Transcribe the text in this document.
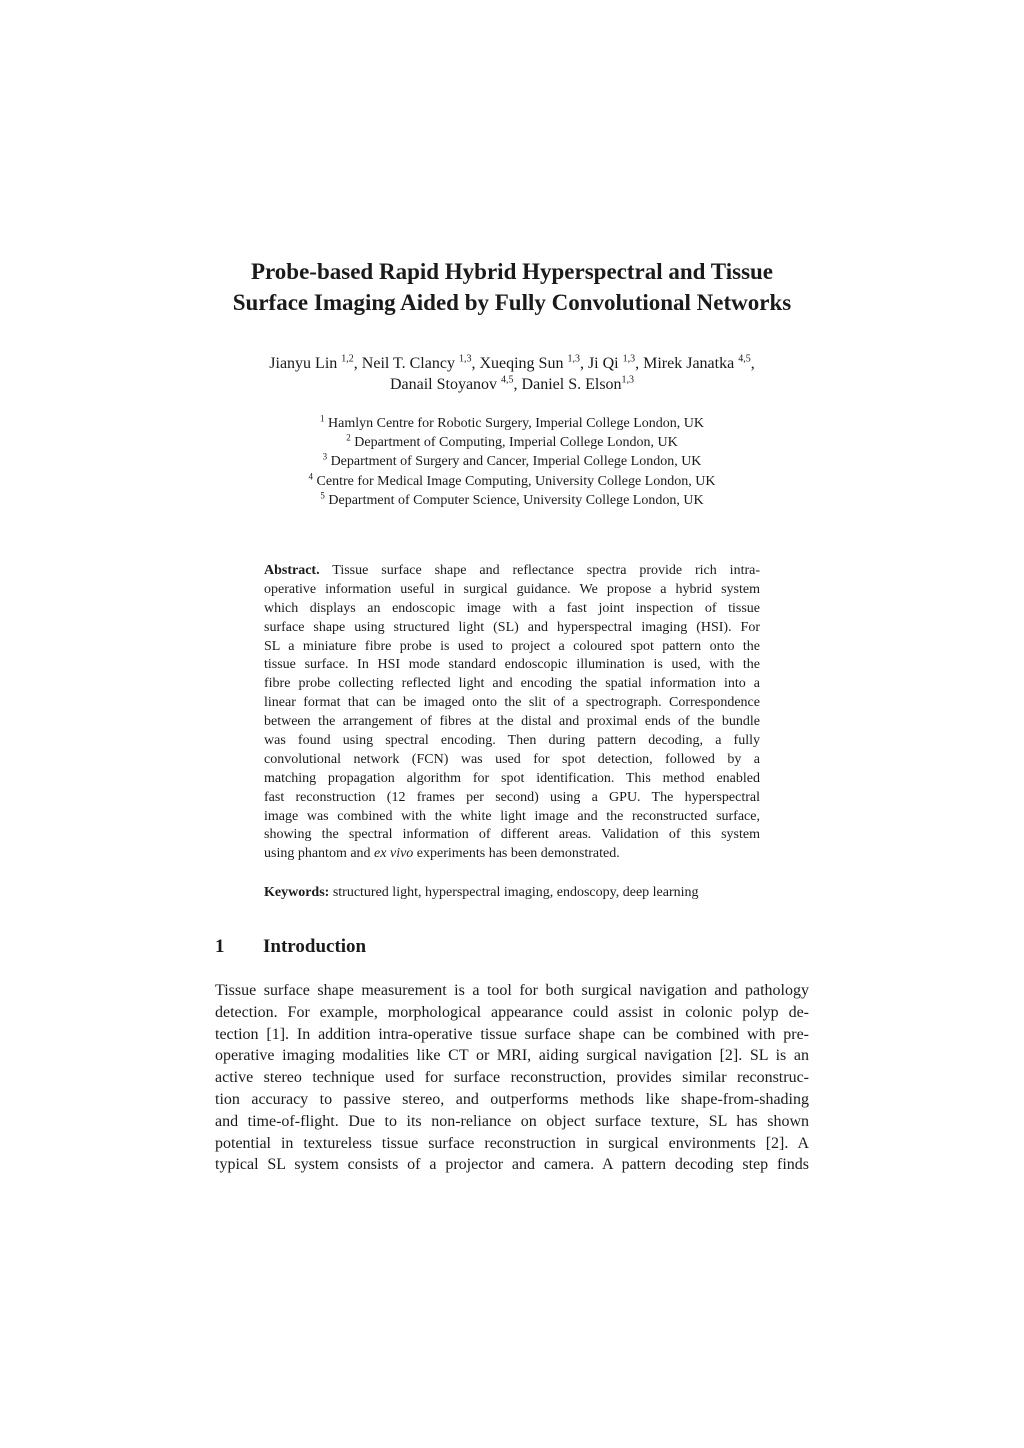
Probe-based Rapid Hybrid Hyperspectral and Tissue
Surface Imaging Aided by Fully Convolutional Networks
Jianyu Lin $^{1,2}$, Neil T. Clancy $^{1,3}$, Xueqing Sun $^{1,3}$, Ji Qi $^{1,3}$, Mirek Janatka $^{4,5}$,
Danail Stoyanov $^{4,5}$, Daniel S. Elson$^{1,3}$
$^1$ Hamlyn Centre for Robotic Surgery, Imperial College London, UK
$^2$ Department of Computing, Imperial College London, UK
$^3$ Department of Surgery and Cancer, Imperial College London, UK
$^4$ Centre for Medical Image Computing, University College London, UK
$^5$ Department of Computer Science, University College London, UK
Abstract. Tissue surface shape and reflectance spectra provide rich intra-
operative information useful in surgical guidance. We propose a hybrid system
which displays an endoscopic image with a fast joint inspection of tissue
surface shape using structured light (SL) and hyperspectral imaging (HSI). For
SL a miniature fibre probe is used to project a coloured spot pattern onto the
tissue surface. In HSI mode standard endoscopic illumination is used, with the
fibre probe collecting reflected light and encoding the spatial information into a
linear format that can be imaged onto the slit of a spectrograph. Correspondence
between the arrangement of fibres at the distal and proximal ends of the bundle
was found using spectral encoding. Then during pattern decoding, a fully
convolutional network (FCN) was used for spot detection, followed by a
matching propagation algorithm for spot identification. This method enabled
fast reconstruction (12 frames per second) using a GPU. The hyperspectral
image was combined with the white light image and the reconstructed surface,
showing the spectral information of different areas. Validation of this system
using phantom and ex vivo experiments has been demonstrated.
Keywords: structured light, hyperspectral imaging, endoscopy, deep learning
1 Introduction
Tissue surface shape measurement is a tool for both surgical navigation and pathology
detection. For example, morphological appearance could assist in colonic polyp de-
tection [1]. In addition intra-operative tissue surface shape can be combined with pre-
operative imaging modalities like CT or MRI, aiding surgical navigation [2]. SL is an
active stereo technique used for surface reconstruction, provides similar reconstruc-
tion accuracy to passive stereo, and outperforms methods like shape-from-shading
and time-of-flight. Due to its non-reliance on object surface texture, SL has shown
potential in textureless tissue surface reconstruction in surgical environments [2]. A
typical SL system consists of a projector and camera. A pattern decoding step finds
